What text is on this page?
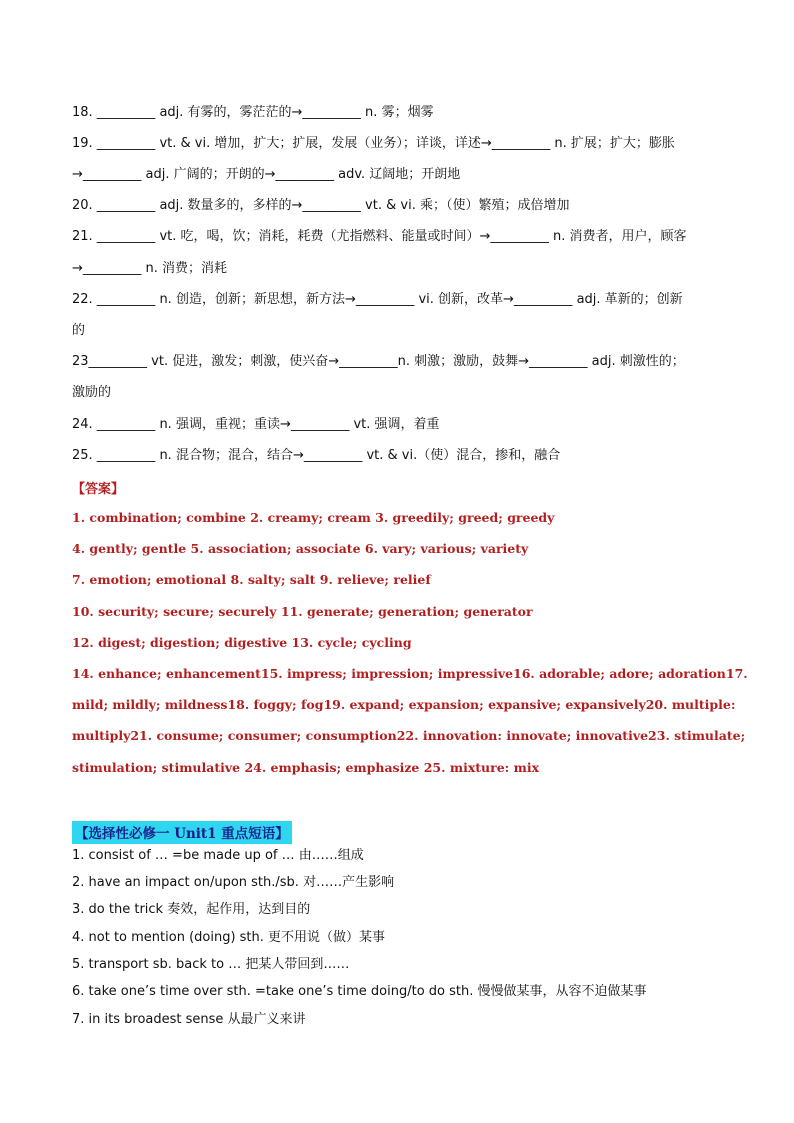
18. _________ adj. 有雾的，雾茫茫的→_________ n. 雾；烟雾
19. _________ vt. & vi. 增加，扩大；扩展，发展（业务）；详谈，详述→_________ n. 扩展；扩大；膨胀
→_________ adj. 广阔的；开朗的→_________ adv. 辽阔地；开朗地
20. _________ adj. 数量多的，多样的→_________ vt. & vi. 乘；（使）繁殖；成倍增加
21. _________ vt. 吃，喝，饮；消耗，耗费（尤指燃料、能量或时间）→_________ n. 消费者，用户，顾客
→_________ n. 消费；消耗
22. _________ n. 创造，创新；新思想，新方法→_________ vi. 创新，改革→_________ adj. 革新的；创新
的
23_________ vt. 促进，激发；刺激，使兴奋→_________n. 刺激；激励，鼓舞→_________ adj. 刺激性的；
激励的
24. _________ n. 强调，重视；重读→_________ vt. 强调，着重
25. _________ n. 混合物；混合，结合→_________ vt. & vi.（使）混合，掺和，融合
【答案】
1. combination; combine 2. creamy; cream 3. greedily; greed; greedy
4. gently; gentle 5. association; associate 6. vary; various; variety
7. emotion; emotional 8. salty; salt 9. relieve; relief
10. security; secure; securely 11. generate; generation; generator
12. digest; digestion; digestive 13. cycle; cycling
14. enhance; enhancement 15. impress; impression; impressive 16. adorable; adore; adoration 17.
mild; mildly; mildness 18. foggy; fog 19. expand; expansion; expansive; expansively20. multiple:
multiply 21. consume; consumer; consumption22. innovation: innovate; innovative 23. stimulate;
stimulation; stimulative 24. emphasis; emphasize 25. mixture: mix
【选择性必修一 Unit1 重点短语】
1. consist of … =be made up of … 由……组成
2. have an impact on/upon sth./sb. 对……产生影响
3. do the trick 奏效，起作用，达到目的
4. not to mention (doing) sth. 更不用说（做）某事
5. transport sb. back to … 把某人带回到……
6. take one’s time over sth. =take one’s time doing/to do sth. 慢慢做某事，从容不迫做某事
7. in its broadest sense 从最广义来讲
